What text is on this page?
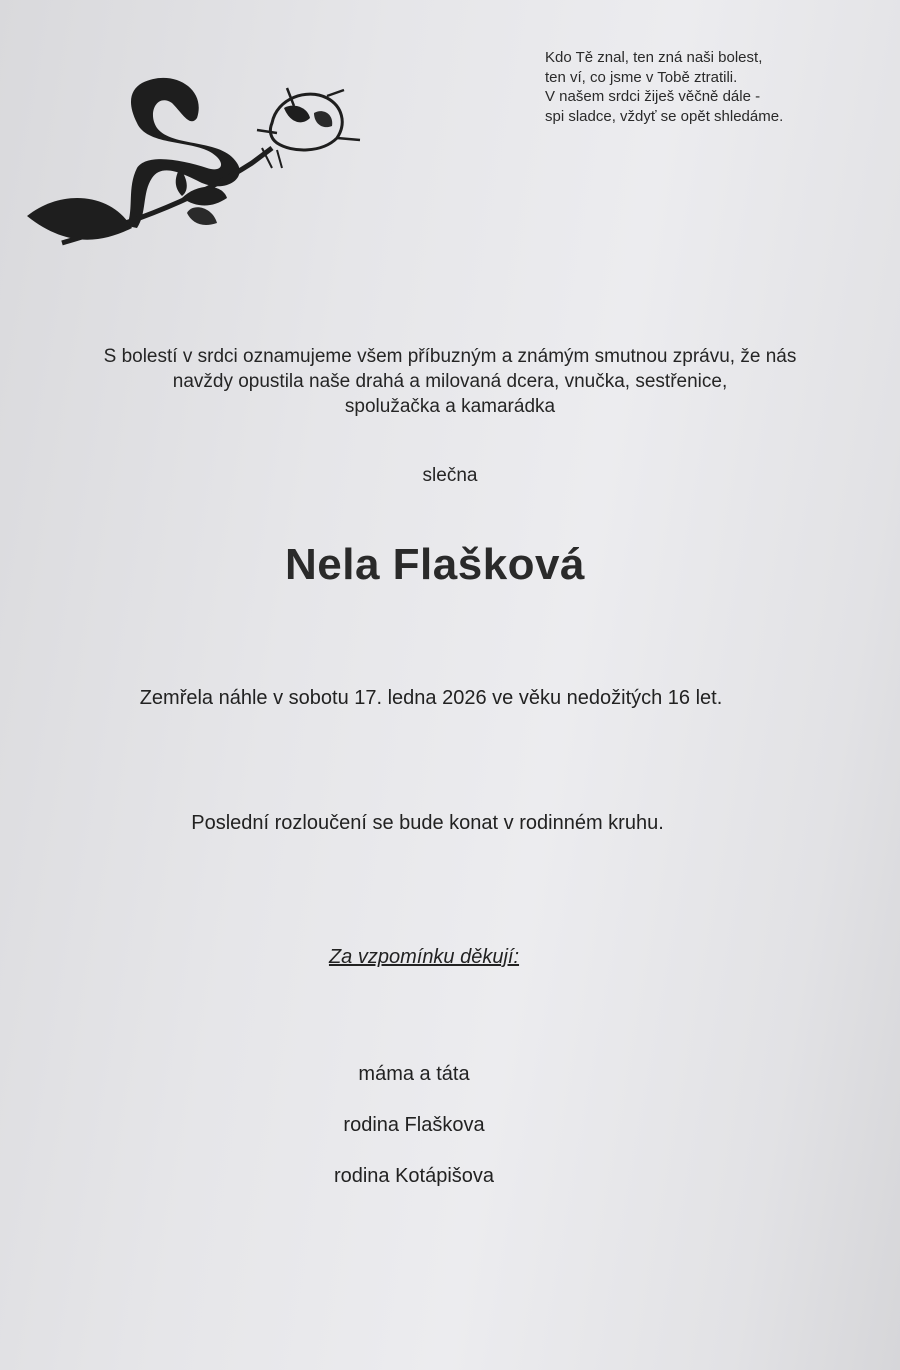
Kdo Tě znal, ten zná naši bolest,
ten ví, co jsme v Tobě ztratili.
V našem srdci žiješ věčně dále -
spi sladce, vždyť se opět shledáme.
S bolestí v srdci oznamujeme všem příbuzným a známým smutnou zprávu, že nás
navždy opustila naše drahá a milovaná dcera, vnučka, sestřenice,
spolužačka a kamarádka
slečna
Nela Flašková
Zemřela náhle v sobotu 17. ledna 2026 ve věku nedožitých 16 let.
Poslední rozloučení se bude konat v rodinném kruhu.
Za vzpomínku děkují:
máma a táta
rodina Flaškova
rodina Kotápišova
